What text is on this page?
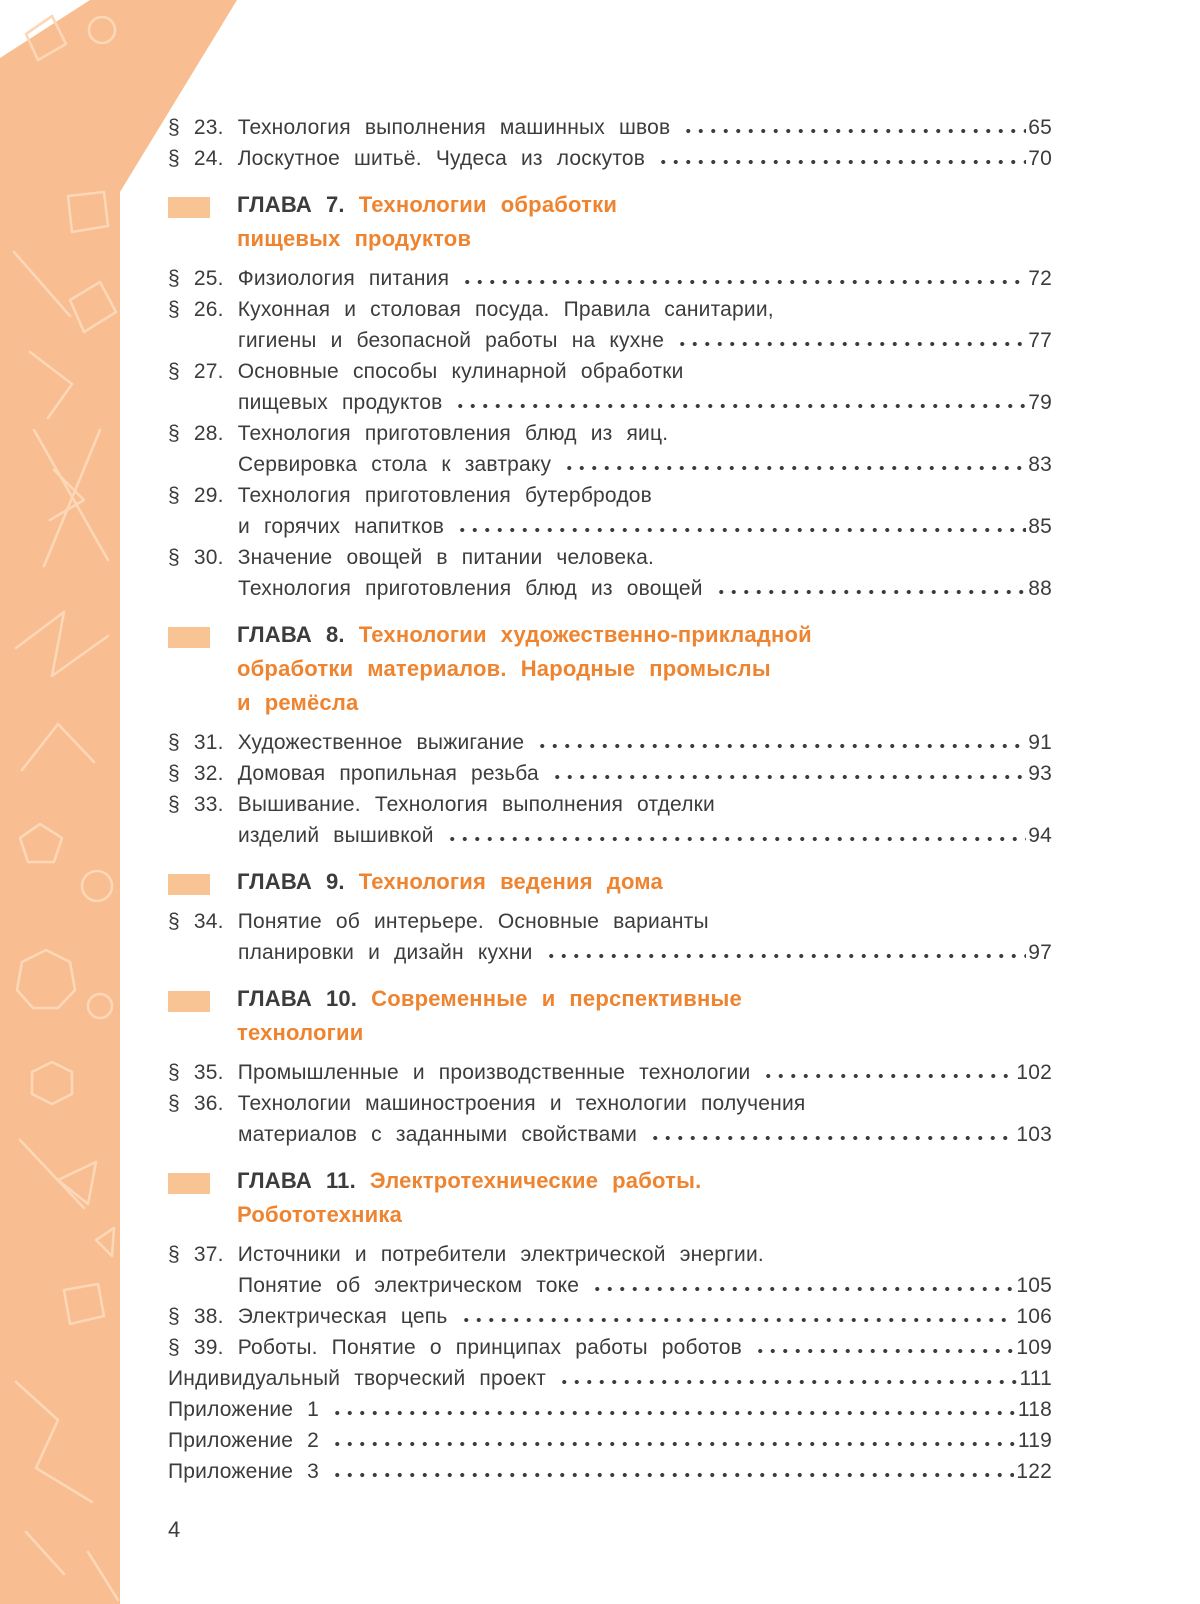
§ 23. Технология выполнения машинных швов	65
§ 24. Лоскутное шитьё. Чудеса из лоскутов	70
ГЛАВА 7. Технологии обработки
пищевых продуктов
§ 25. Физиология питания	72
§ 26. Кухонная и столовая посуда. Правила санитарии,
гигиены и безопасной работы на кухне	77
§ 27. Основные способы кулинарной обработки
пищевых продуктов	79
§ 28. Технология приготовления блюд из яиц.
Сервировка стола к завтраку	83
§ 29. Технология приготовления бутербродов
и горячих напитков	85
§ 30. Значение овощей в питании человека.
Технология приготовления блюд из овощей	88
ГЛАВА 8. Технологии художественно-прикладной
обработки материалов. Народные промыслы
и ремёсла
§ 31. Художественное выжигание	91
§ 32. Домовая пропильная резьба	93
§ 33. Вышивание. Технология выполнения отделки
изделий вышивкой	94
ГЛАВА 9. Технология ведения дома
§ 34. Понятие об интерьере. Основные варианты
планировки и дизайн кухни	97
ГЛАВА 10. Современные и перспективные
технологии
§ 35. Промышленные и производственные технологии	102
§ 36. Технологии машиностроения и технологии получения
материалов с заданными свойствами	103
ГЛАВА 11. Электротехнические работы.
Робототехника
§ 37. Источники и потребители электрической энергии.
Понятие об электрическом токе	105
§ 38. Электрическая цепь	106
§ 39. Роботы. Понятие о принципах работы роботов	109
Индивидуальный творческий проект	111
Приложение 1	118
Приложение 2	119
Приложение 3	122
4
